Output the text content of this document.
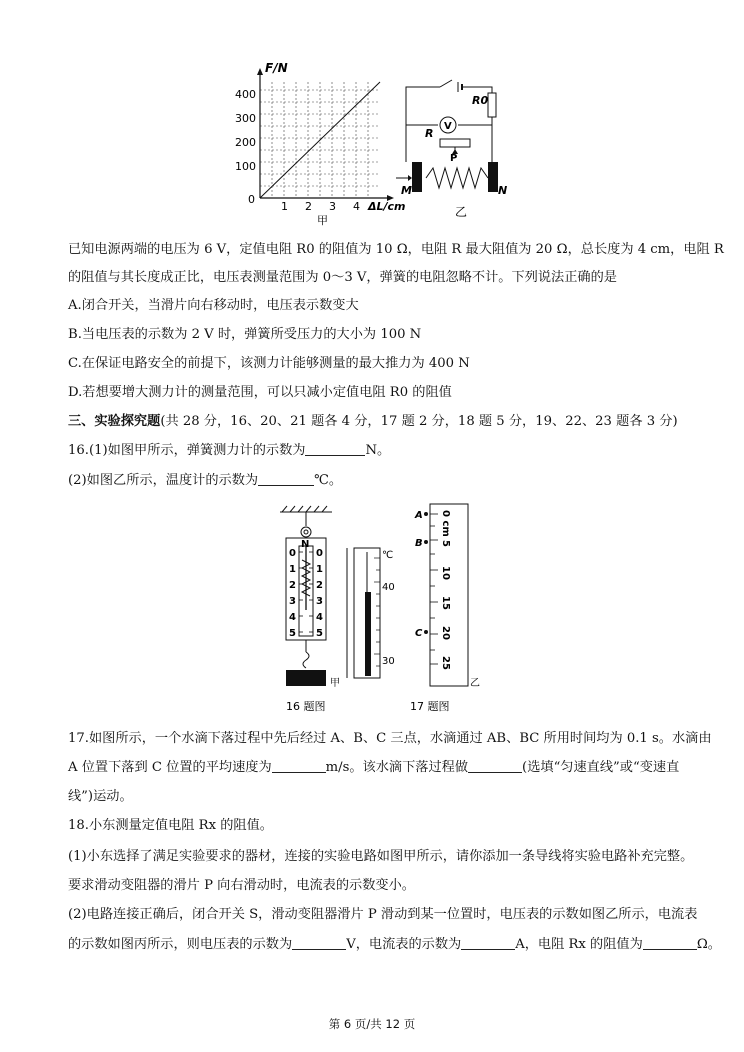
F/N
400
300
200
100
0
1 2 3 4 ΔL/cm
甲
V
R0
R
P
M	N
乙
已知电源两端的电压为 6 V，定值电阻 R0 的阻值为 10 Ω，电阻 R 最大阻值为 20 Ω，总长度为 4 cm，电阻 R
的阻值与其长度成正比，电压表测量范围为 0～3 V，弹簧的电阻忽略不计。下列说法正确的是
A.闭合开关，当滑片向右移动时，电压表示数变大
B.当电压表的示数为 2 V 时，弹簧所受压力的大小为 100 N
C.在保证电路安全的前提下，该测力计能够测量的最大推力为 400 N
D.若想要增大测力计的测量范围，可以只减小定值电阻 R0 的阻值
三、实验探究题(共 28 分，16、20、21 题各 4 分，17 题 2 分，18 题 5 分，19、22、23 题各 3 分)
16.(1)如图甲所示，弹簧测力计的示数为	N。
(2)如图乙所示，温度计的示数为	℃。
N
0
1
2
3
4
5
0
1
2
3
4
5
甲
℃
40
30
0 cm
5
10
15
20
25
A
B
C
乙
16 题图	17 题图
17.如图所示，一个水滴下落过程中先后经过 A、B、C 三点，水滴通过 AB、BC 所用时间均为 0.1 s。水滴由
A 位置下落到 C 位置的平均速度为	m/s。该水滴下落过程做	(选填“匀速直线”或“变速直
线”)运动。
18.小东测量定值电阻 Rx 的阻值。
(1)小东选择了满足实验要求的器材，连接的实验电路如图甲所示，请你添加一条导线将实验电路补充完整。
要求滑动变阻器的滑片 P 向右滑动时，电流表的示数变小。
(2)电路连接正确后，闭合开关 S，滑动变阻器滑片 P 滑动到某一位置时，电压表的示数如图乙所示，电流表
的示数如图丙所示，则电压表的示数为	V，电流表的示数为	A，电阻 Rx 的阻值为	Ω。
第 6 页/共 12 页
